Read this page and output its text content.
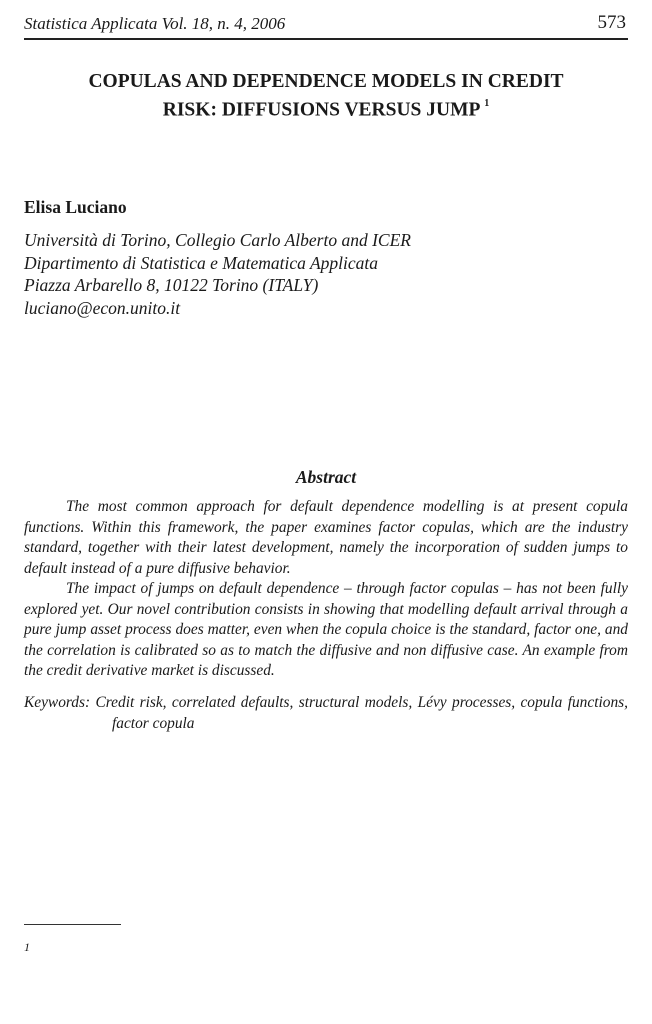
Statistica Applicata Vol. 18, n. 4, 2006	573
COPULAS AND DEPENDENCE MODELS IN CREDIT
RISK: DIFFUSIONS VERSUS JUMP $^1$
Elisa Luciano
Università di Torino, Collegio Carlo Alberto and ICER
Dipartimento di Statistica e Matematica Applicata
Piazza Arbarello 8, 10122 Torino (ITALY)
luciano@econ.unito.it
Abstract

The most common approach for default dependence modelling is at present copula functions. Within this framework, the paper examines factor copulas, which are the industry standard, together with their latest development, namely the incorporation of sudden jumps to default instead of a pure diffusive behavior.

The impact of jumps on default dependence – through factor copulas – has not been fully explored yet. Our novel contribution consists in showing that modelling default arrival through a pure jump asset process does matter, even when the copula choice is the standard, factor one, and the correlation is calibrated so as to match the diffusive and non diffusive case. An example from the credit derivative market is discussed.

Keywords: Credit risk, correlated defaults, structural models, Lévy processes, copula functions, factor copula
1
